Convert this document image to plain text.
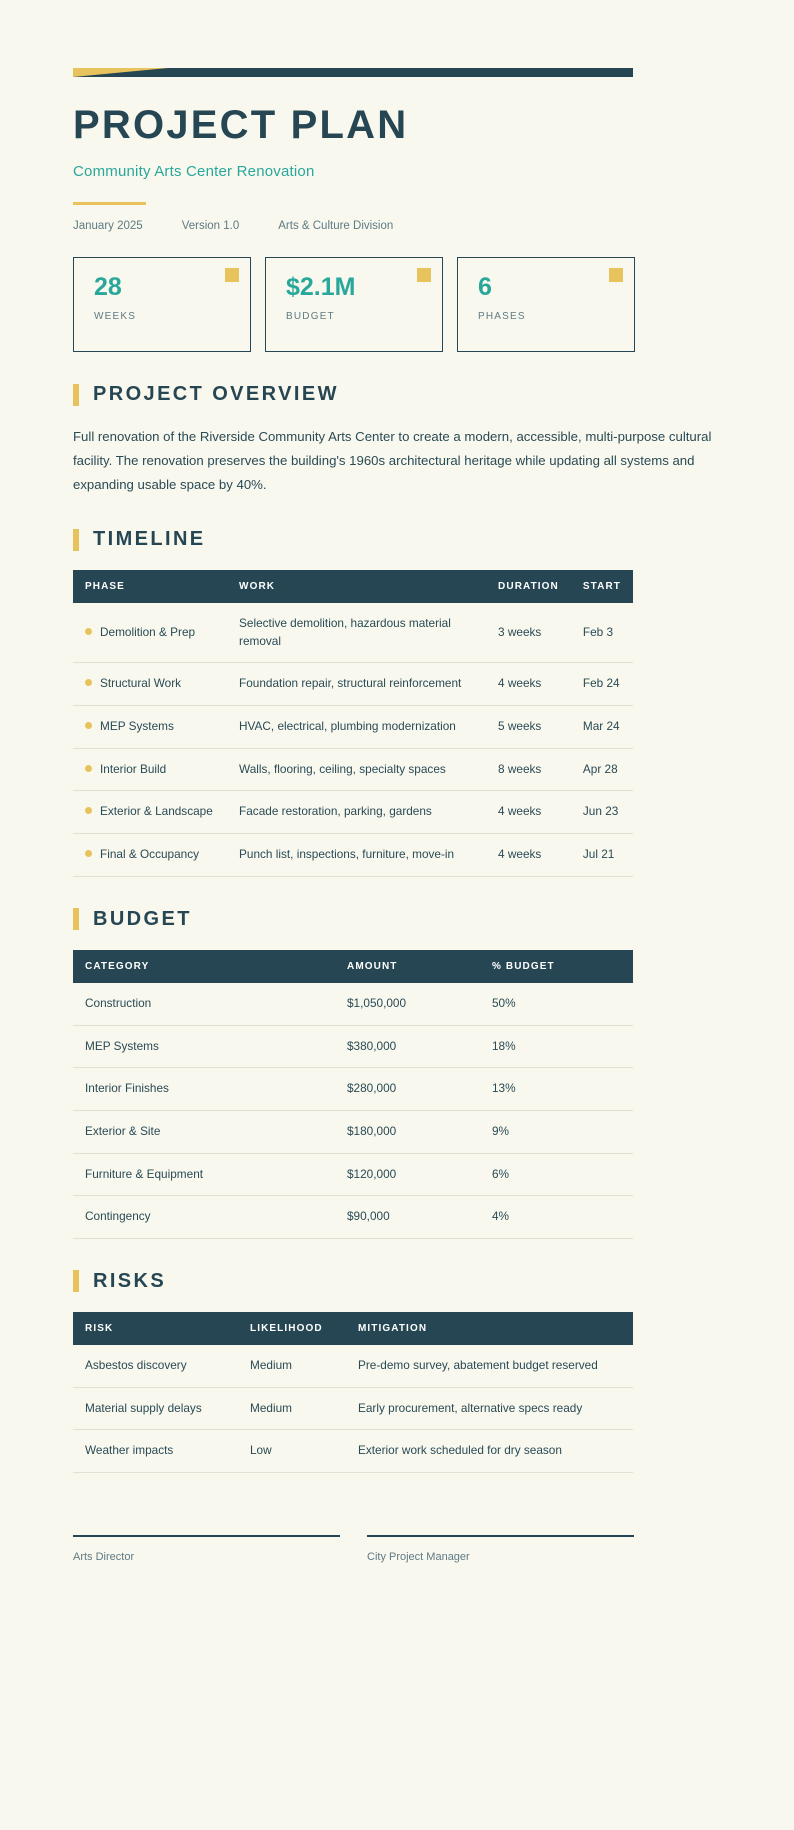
PROJECT PLAN
Community Arts Center Renovation
January 2025	Version 1.0	Arts & Culture Division
28
WEEKS
$2.1M
BUDGET
6
PHASES
PROJECT OVERVIEW

Full renovation of the Riverside Community Arts Center to create a modern, accessible, multi-purpose cultural facility. The renovation preserves the building's 1960s architectural heritage while updating all systems and expanding usable space by 40%.

TIMELINE
PHASE	WORK	DURATION	START
Demolition & Prep	Selective demolition, hazardous material removal	3 weeks	Feb 3
Structural Work	Foundation repair, structural reinforcement	4 weeks	Feb 24
MEP Systems	HVAC, electrical, plumbing modernization	5 weeks	Mar 24
Interior Build	Walls, flooring, ceiling, specialty spaces	8 weeks	Apr 28
Exterior & Landscape	Facade restoration, parking, gardens	4 weeks	Jun 23
Final & Occupancy	Punch list, inspections, furniture, move-in	4 weeks	Jul 21
BUDGET
CATEGORY	AMOUNT	% BUDGET
Construction	$1,050,000	50%
MEP Systems	$380,000	18%
Interior Finishes	$280,000	13%
Exterior & Site	$180,000	9%
Furniture & Equipment	$120,000	6%
Contingency	$90,000	4%
RISKS
RISK	LIKELIHOOD	MITIGATION
Asbestos discovery	Medium	Pre-demo survey, abatement budget reserved
Material supply delays	Medium	Early procurement, alternative specs ready
Weather impacts	Low	Exterior work scheduled for dry season
Arts Director	City Project Manager
